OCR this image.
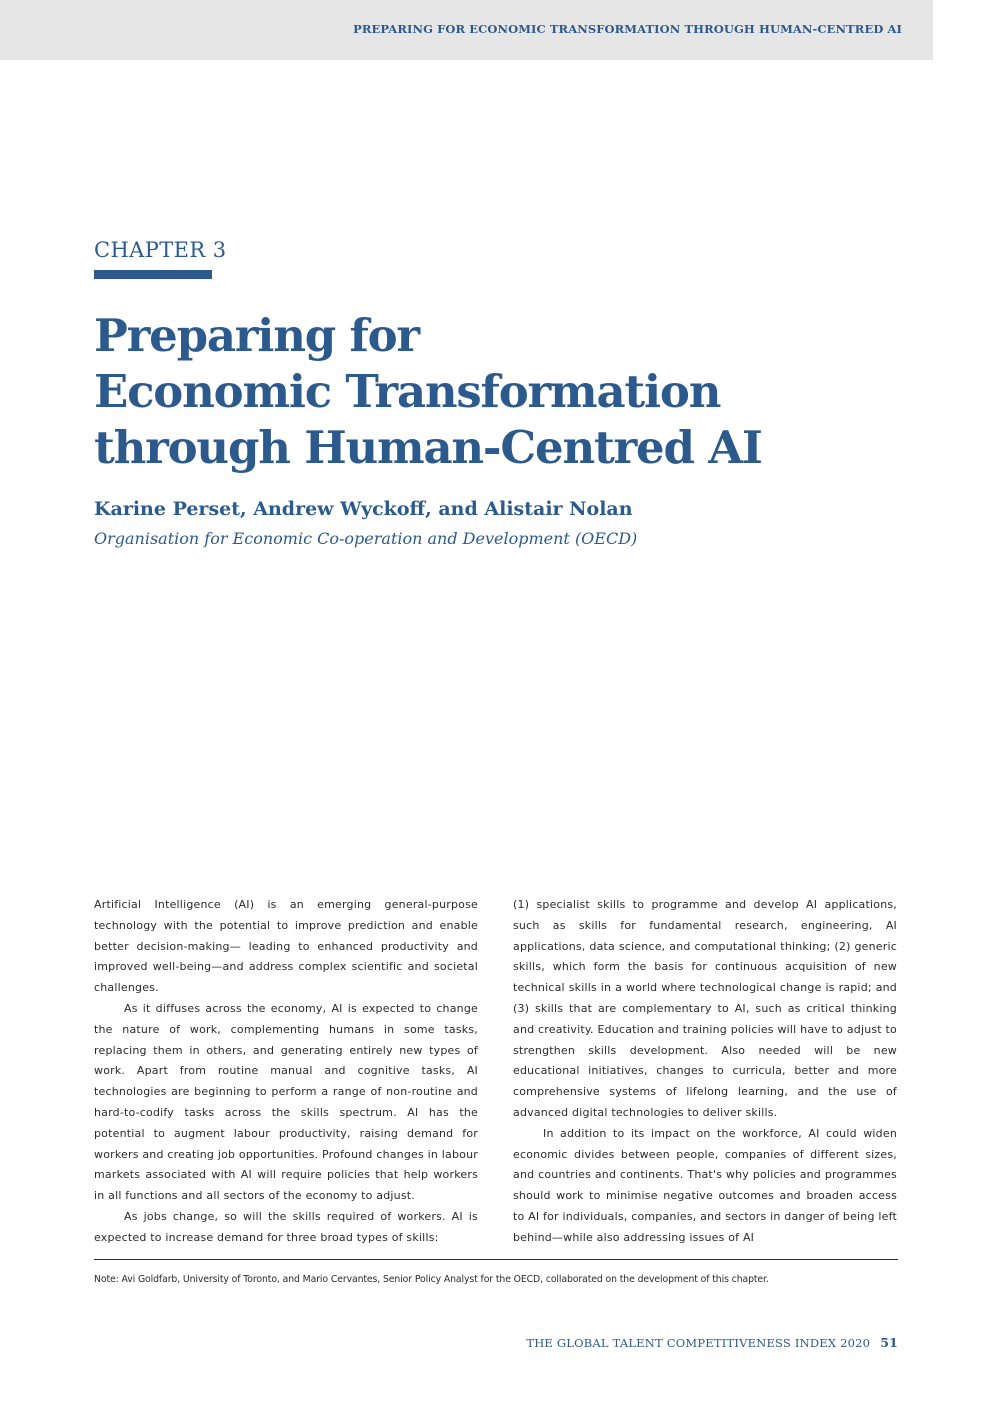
PREPARING FOR ECONOMIC TRANSFORMATION THROUGH HUMAN-CENTRED AI
CHAPTER 3
Preparing for
Economic Transformation
through Human-Centred AI
Karine Perset, Andrew Wyckoff, and Alistair Nolan
Organisation for Economic Co-operation and Development (OECD)

Artificial Intelligence (AI) is an emerging general-purpose technology with the potential to improve prediction and enable better decision-making— leading to enhanced productivity and improved well-being—and address complex scientific and societal challenges.

As it diffuses across the economy, AI is expected to change the nature of work, complementing humans in some tasks, replacing them in others, and generating entirely new types of work. Apart from routine manual and cognitive tasks, AI technologies are beginning to perform a range of non-routine and hard-to-codify tasks across the skills spectrum. AI has the potential to augment labour productivity, raising demand for workers and creating job opportunities. Profound changes in labour markets associated with AI will require policies that help workers in all functions and all sectors of the economy to adjust.

As jobs change, so will the skills required of workers. AI is expected to increase demand for three broad types of skills:

(1) specialist skills to programme and develop AI applications, such as skills for fundamental research, engineering, AI applications, data science, and computational thinking; (2) generic skills, which form the basis for continuous acquisition of new technical skills in a world where technological change is rapid; and (3) skills that are complementary to AI, such as critical thinking and creativity. Education and training policies will have to adjust to strengthen skills development. Also needed will be new educational initiatives, changes to curricula, better and more comprehensive systems of lifelong learning, and the use of advanced digital technologies to deliver skills.

In addition to its impact on the workforce, AI could widen economic divides between people, companies of different sizes, and countries and continents. That's why policies and programmes should work to minimise negative outcomes and broaden access to AI for individuals, companies, and sectors in danger of being left behind—while also addressing issues of AI

Note: Avi Goldfarb, University of Toronto, and Mario Cervantes, Senior Policy Analyst for the OECD, collaborated on the development of this chapter.
THE GLOBAL TALENT COMPETITIVENESS INDEX 2020 51
